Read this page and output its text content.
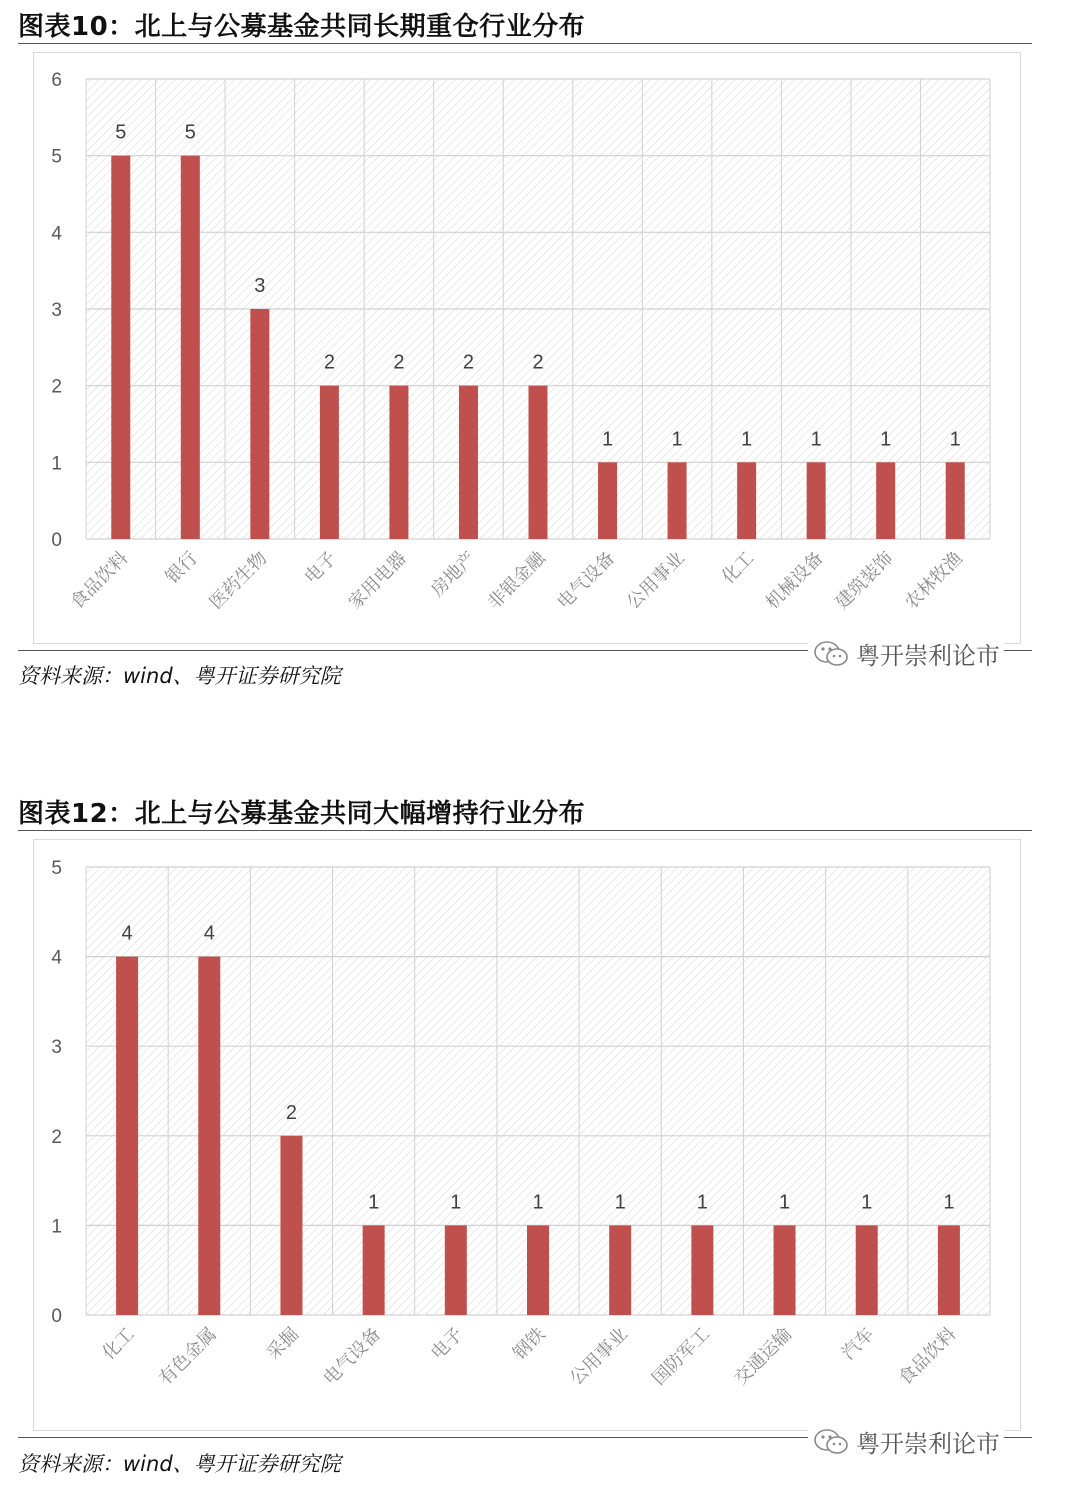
图表10：北上与公募基金共同长期重仓行业分布
0
1
2
3
4
5
6
5
食品饮料
5
银行
3
医药生物
2
电子
2
家用电器
2
房地产
2
非银金融
1
电气设备
1
公用事业
1
化工
1
机械设备
1
建筑装饰
1
农林牧渔
资料来源：wind、粤开证券研究院
粤开崇利论市
图表12：北上与公募基金共同大幅增持行业分布
0
1
2
3
4
5
4
化工
4
有色金属
2
采掘
1
电气设备
1
电子
1
钢铁
1
公用事业
1
国防军工
1
交通运输
1
汽车
1
食品饮料
资料来源：wind、粤开证券研究院
粤开崇利论市
